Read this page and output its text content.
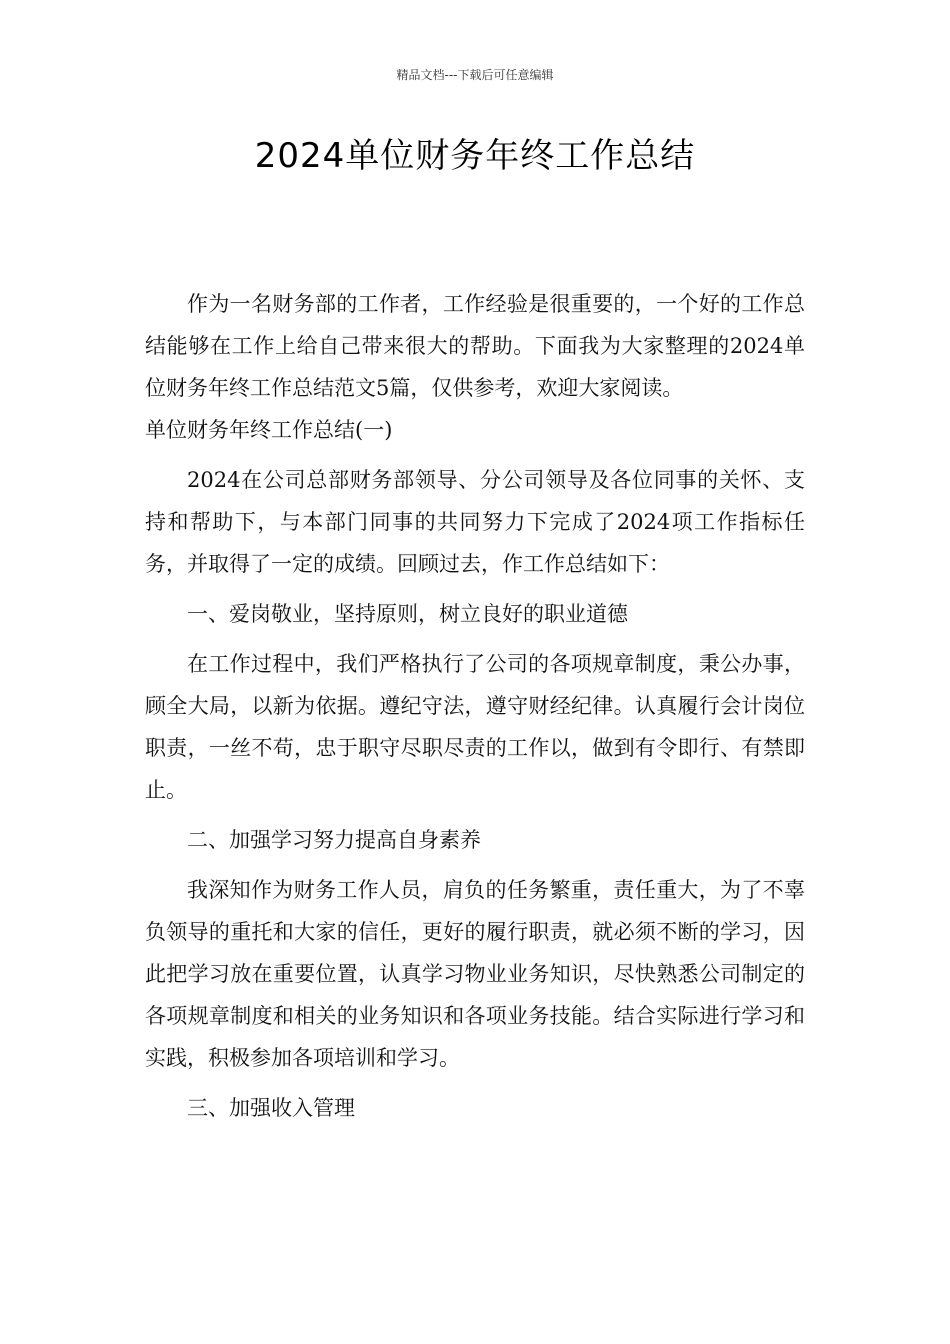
精品文档---下载后可任意编辑
2024单位财务年终工作总结

作为一名财务部的工作者，工作经验是很重要的，一个好的工作总结能够在工作上给自己带来很大的帮助。下面我为大家整理的2024单位财务年终工作总结范文5篇，仅供参考，欢迎大家阅读。

单位财务年终工作总结(一)

2024在公司总部财务部领导、分公司领导及各位同事的关怀、支持和帮助下，与本部门同事的共同努力下完成了2024项工作指标任务，并取得了一定的成绩。回顾过去，作工作总结如下：

一、爱岗敬业，坚持原则，树立良好的职业道德

在工作过程中，我们严格执行了公司的各项规章制度，秉公办事，顾全大局，以新为依据。遵纪守法，遵守财经纪律。认真履行会计岗位职责，一丝不苟，忠于职守尽职尽责的工作以，做到有令即行、有禁即止。

二、加强学习努力提高自身素养

我深知作为财务工作人员，肩负的任务繁重，责任重大，为了不辜负领导的重托和大家的信任，更好的履行职责，就必须不断的学习，因此把学习放在重要位置，认真学习物业业务知识，尽快熟悉公司制定的各项规章制度和相关的业务知识和各项业务技能。结合实际进行学习和实践，积极参加各项培训和学习。

三、加强收入管理
